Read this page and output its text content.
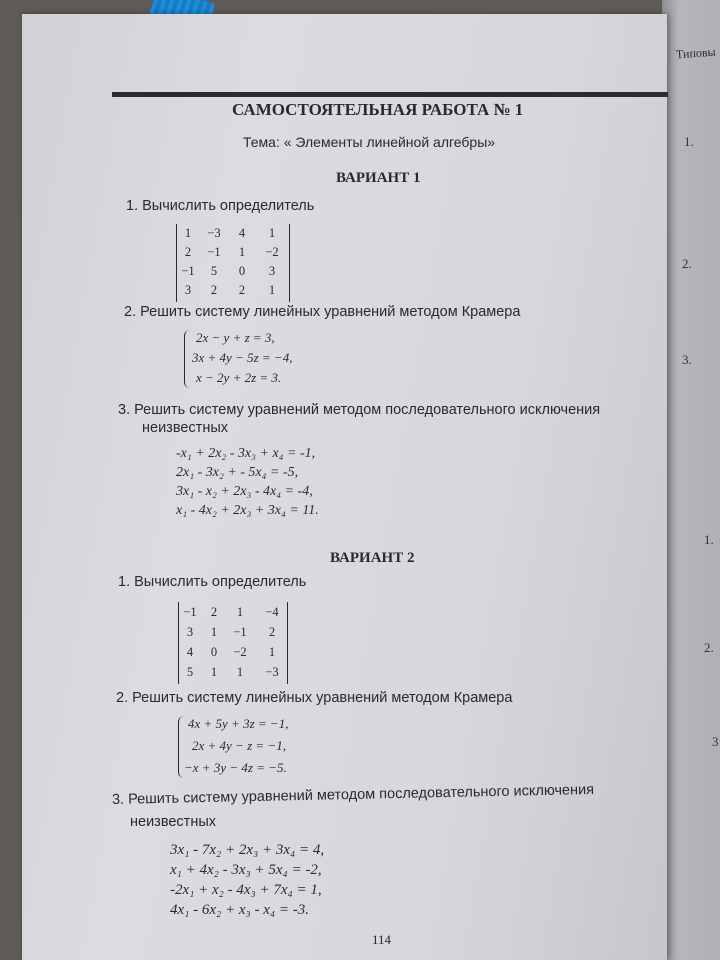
Типовы
1.
2.
3.
1.
2.
3
САМОСТОЯТЕЛЬНАЯ РАБОТА № 1
Тема: « Элементы линейной алгебры»
ВАРИАНТ 1
1. Вычислить определитель
1	−3	4	1
2	−1	1	−2
−1	5	0	3
3	2	2	1
2. Решить систему линейных уравнений методом Крамера
2x − y + z = 3,
3x + 4y − 5z = −4,
x − 2y + 2z = 3.
3. Решить систему уравнений методом последовательного исключения
неизвестных
-x₁ + 2x₂ - 3x₃ + x₄ = -1,
2x₁ - 3x₂ + - 5x₄ = -5,
3x₁ - x₂ + 2x₃ - 4x₄ = -4,
x₁ - 4x₂ + 2x₃ + 3x₄ = 11.
ВАРИАНТ 2
1. Вычислить определитель
−1	2	1	−4
3	1	−1	2
4	0	−2	1
5	1	1	−3
2. Решить систему линейных уравнений методом Крамера
4x + 5y + 3z = −1,
2x + 4y − z = −1,
−x + 3y − 4z = −5.
3. Решить систему уравнений методом последовательного исключения
неизвестных
3x₁ - 7x₂ + 2x₃ + 3x₄ = 4,
x₁ + 4x₂ - 3x₃ + 5x₄ = -2,
-2x₁ + x₂ - 4x₃ + 7x₄ = 1,
4x₁ - 6x₂ + x₃ - x₄ = -3.
114
